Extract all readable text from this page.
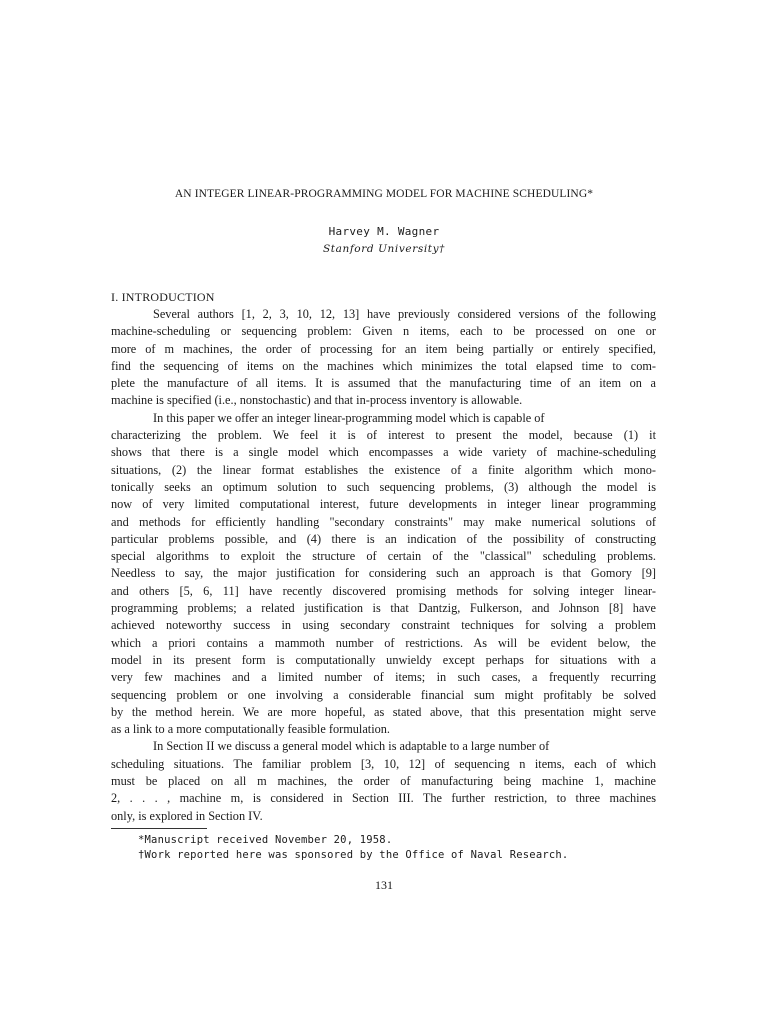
AN INTEGER LINEAR-PROGRAMMING MODEL FOR MACHINE SCHEDULING*
Harvey M. Wagner
Stanford University†
I. INTRODUCTION
Several authors [1, 2, 3, 10, 12, 13] have previously considered versions of the following
machine-scheduling or sequencing problem: Given n items, each to be processed on one or
more of m machines, the order of processing for an item being partially or entirely specified,
find the sequencing of items on the machines which minimizes the total elapsed time to com-
plete the manufacture of all items. It is assumed that the manufacturing time of an item on a
machine is specified (i.e., nonstochastic) and that in-process inventory is allowable.
In this paper we offer an integer linear-programming model which is capable of
characterizing the problem. We feel it is of interest to present the model, because (1) it
shows that there is a single model which encompasses a wide variety of machine-scheduling
situations, (2) the linear format establishes the existence of a finite algorithm which mono-
tonically seeks an optimum solution to such sequencing problems, (3) although the model is
now of very limited computational interest, future developments in integer linear programming
and methods for efficiently handling "secondary constraints" may make numerical solutions of
particular problems possible, and (4) there is an indication of the possibility of constructing
special algorithms to exploit the structure of certain of the "classical" scheduling problems.
Needless to say, the major justification for considering such an approach is that Gomory [9]
and others [5, 6, 11] have recently discovered promising methods for solving integer linear-
programming problems; a related justification is that Dantzig, Fulkerson, and Johnson [8] have
achieved noteworthy success in using secondary constraint techniques for solving a problem
which a priori contains a mammoth number of restrictions. As will be evident below, the
model in its present form is computationally unwieldy except perhaps for situations with a
very few machines and a limited number of items; in such cases, a frequently recurring
sequencing problem or one involving a considerable financial sum might profitably be solved
by the method herein. We are more hopeful, as stated above, that this presentation might serve
as a link to a more computationally feasible formulation.
In Section II we discuss a general model which is adaptable to a large number of
scheduling situations. The familiar problem [3, 10, 12] of sequencing n items, each of which
must be placed on all m machines, the order of manufacturing being machine 1, machine
2, . . . , machine m, is considered in Section III. The further restriction, to three machines
only, is explored in Section IV.
*Manuscript received November 20, 1958.
†Work reported here was sponsored by the Office of Naval Research.
131
